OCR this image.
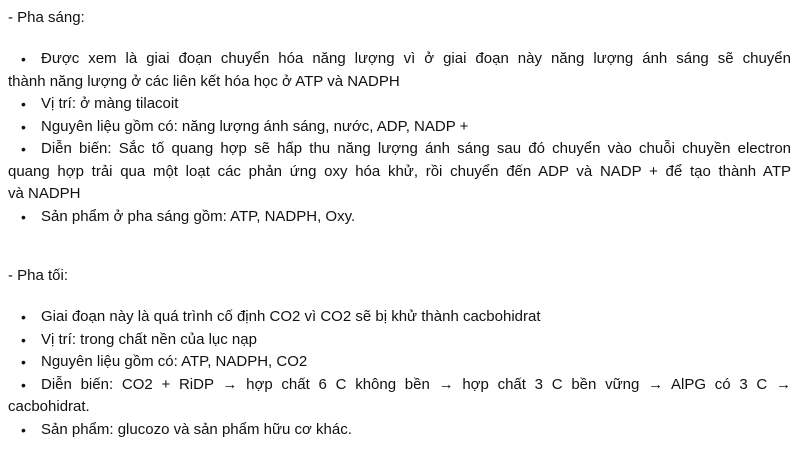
- Pha sáng:
•	Được xem là giai đoạn chuyển hóa năng lượng vì ở giai đoạn này năng lượng ánh sáng sẽ chuyển
thành năng lượng ở các liên kết hóa học ở ATP và NADPH
•	Vị trí: ở màng tilacoit
•	Nguyên liệu gồm có: năng lượng ánh sáng, nước, ADP, NADP +
•	Diễn biến: Sắc tố quang hợp sẽ hấp thu năng lượng ánh sáng sau đó chuyển vào chuỗi chuyền electron
quang hợp trải qua một loạt các phản ứng oxy hóa khử, rồi chuyển đến ADP và NADP + để tạo thành ATP
và NADPH
•	Sản phẩm ở pha sáng gồm: ATP, NADPH, Oxy.
- Pha tối:
•	Giai đoạn này là quá trình cố định CO2 vì CO2 sẽ bị khử thành cacbohidrat
•	Vị trí: trong chất nền của lục nạp
•	Nguyên liệu gồm có: ATP, NADPH, CO2
•	Diễn biến: CO2 + RiDP → hợp chất 6 C không bền → hợp chất 3 C bền vững → AlPG có 3 C →
cacbohidrat.
•	Sản phẩm: glucozo và sản phẩm hữu cơ khác.
